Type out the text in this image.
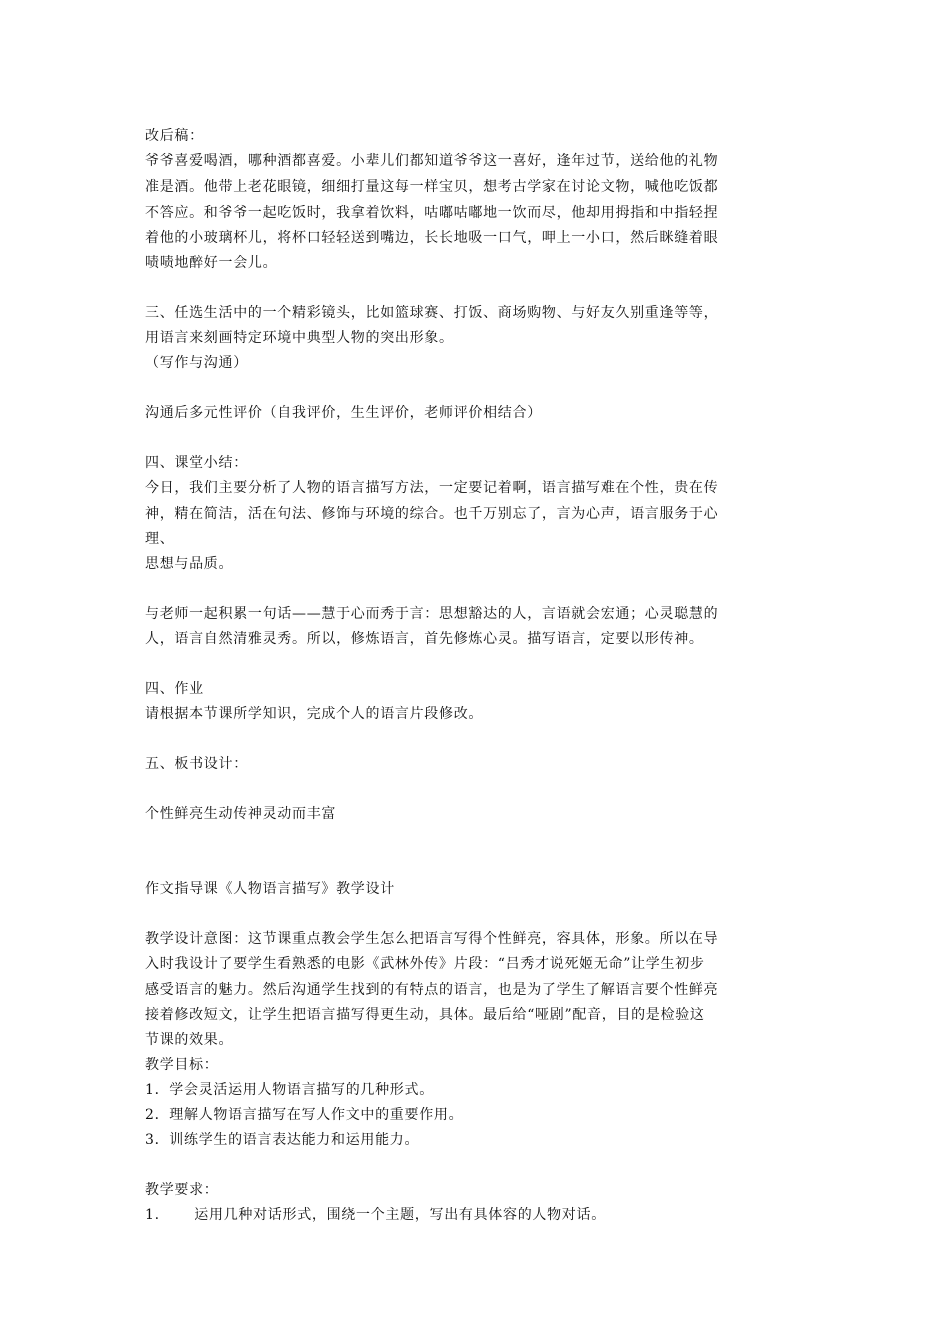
改后稿：
爷爷喜爱喝酒，哪种酒都喜爱。小辈儿们都知道爷爷这一喜好，逢年过节，送给他的礼物
准是酒。他带上老花眼镜，细细打量这每一样宝贝，想考古学家在讨论文物，喊他吃饭都
不答应。和爷爷一起吃饭时，我拿着饮料，咕嘟咕嘟地一饮而尽，他却用拇指和中指轻捏
着他的小玻璃杯儿，将杯口轻轻送到嘴边，长长地吸一口气，呷上一小口，然后眯缝着眼
啧啧地醉好一会儿。
三、任选生活中的一个精彩镜头，比如篮球赛、打饭、商场购物、与好友久别重逢等等，
用语言来刻画特定环境中典型人物的突出形象。
（写作与沟通）
沟通后多元性评价（自我评价，生生评价，老师评价相结合）
四、课堂小结：
今日，我们主要分析了人物的语言描写方法，一定要记着啊，语言描写难在个性，贵在传
神，精在简洁，活在句法、修饰与环境的综合。也千万别忘了，言为心声，语言服务于心
理、
思想与品质。
与老师一起积累一句话——慧于心而秀于言：思想豁达的人，言语就会宏通；心灵聪慧的
人，语言自然清雅灵秀。所以，修炼语言，首先修炼心灵。描写语言，定要以形传神。
四、作业
请根据本节课所学知识，完成个人的语言片段修改。
五、板书设计：
个性鲜亮生动传神灵动而丰富
作文指导课《人物语言描写》教学设计
教学设计意图：这节课重点教会学生怎么把语言写得个性鲜亮，容具体，形象。所以在导
入时我设计了要学生看熟悉的电影《武林外传》片段：“吕秀才说死姬无命”让学生初步
感受语言的魅力。然后沟通学生找到的有特点的语言，也是为了学生了解语言要个性鲜亮
接着修改短文，让学生把语言描写得更生动，具体。最后给“哑剧”配音，目的是检验这
节课的效果。
教学目标：
1．学会灵活运用人物语言描写的几种形式。
2．理解人物语言描写在写人作文中的重要作用。
3．训练学生的语言表达能力和运用能力。
教学要求：
1.　　 运用几种对话形式，围绕一个主题，写出有具体容的人物对话。
